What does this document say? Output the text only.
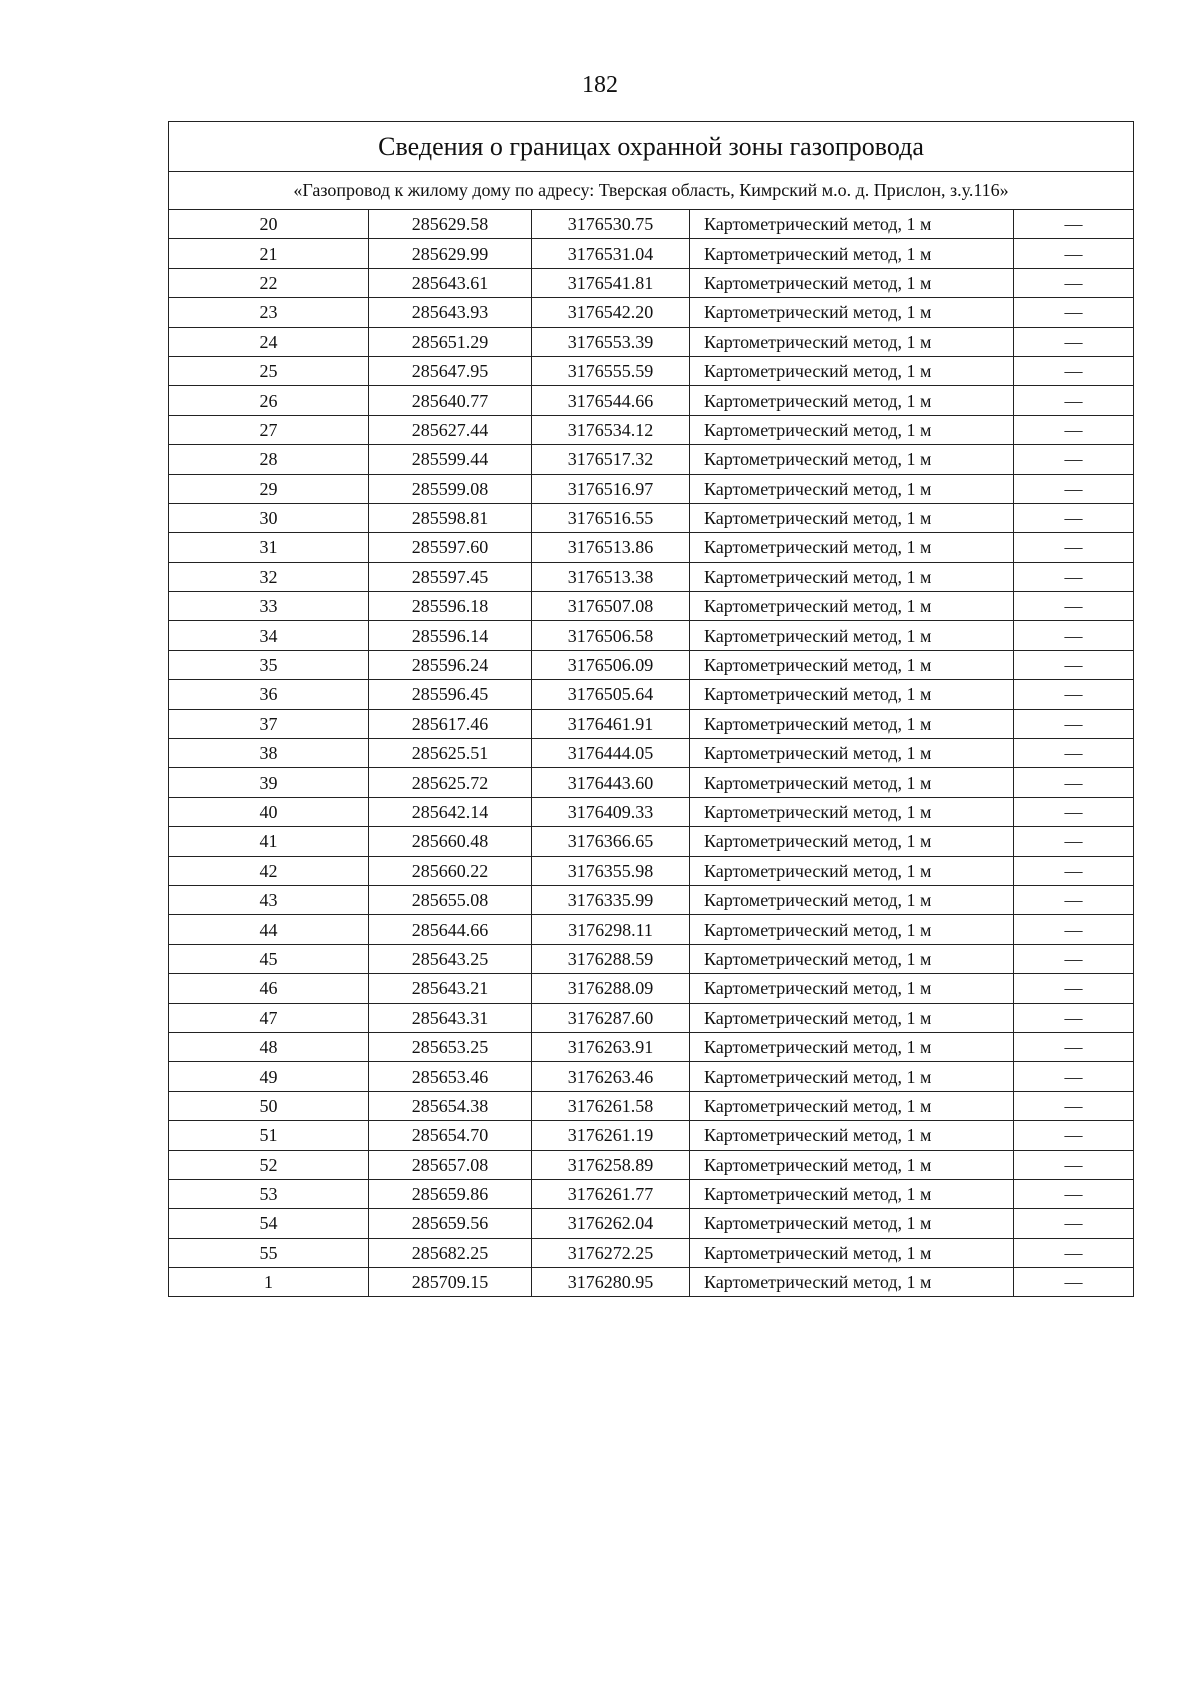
182
Сведения о границах охранной зоны газопровода				
«Газопровод к жилому дому по адресу: Тверская область, Кимрский м.о. д. Прислон, з.у.116»				
20	285629.58	3176530.75	Картометрический метод, 1 м	—
21	285629.99	3176531.04	Картометрический метод, 1 м	—
22	285643.61	3176541.81	Картометрический метод, 1 м	—
23	285643.93	3176542.20	Картометрический метод, 1 м	—
24	285651.29	3176553.39	Картометрический метод, 1 м	—
25	285647.95	3176555.59	Картометрический метод, 1 м	—
26	285640.77	3176544.66	Картометрический метод, 1 м	—
27	285627.44	3176534.12	Картометрический метод, 1 м	—
28	285599.44	3176517.32	Картометрический метод, 1 м	—
29	285599.08	3176516.97	Картометрический метод, 1 м	—
30	285598.81	3176516.55	Картометрический метод, 1 м	—
31	285597.60	3176513.86	Картометрический метод, 1 м	—
32	285597.45	3176513.38	Картометрический метод, 1 м	—
33	285596.18	3176507.08	Картометрический метод, 1 м	—
34	285596.14	3176506.58	Картометрический метод, 1 м	—
35	285596.24	3176506.09	Картометрический метод, 1 м	—
36	285596.45	3176505.64	Картометрический метод, 1 м	—
37	285617.46	3176461.91	Картометрический метод, 1 м	—
38	285625.51	3176444.05	Картометрический метод, 1 м	—
39	285625.72	3176443.60	Картометрический метод, 1 м	—
40	285642.14	3176409.33	Картометрический метод, 1 м	—
41	285660.48	3176366.65	Картометрический метод, 1 м	—
42	285660.22	3176355.98	Картометрический метод, 1 м	—
43	285655.08	3176335.99	Картометрический метод, 1 м	—
44	285644.66	3176298.11	Картометрический метод, 1 м	—
45	285643.25	3176288.59	Картометрический метод, 1 м	—
46	285643.21	3176288.09	Картометрический метод, 1 м	—
47	285643.31	3176287.60	Картометрический метод, 1 м	—
48	285653.25	3176263.91	Картометрический метод, 1 м	—
49	285653.46	3176263.46	Картометрический метод, 1 м	—
50	285654.38	3176261.58	Картометрический метод, 1 м	—
51	285654.70	3176261.19	Картометрический метод, 1 м	—
52	285657.08	3176258.89	Картометрический метод, 1 м	—
53	285659.86	3176261.77	Картометрический метод, 1 м	—
54	285659.56	3176262.04	Картометрический метод, 1 м	—
55	285682.25	3176272.25	Картометрический метод, 1 м	—
1	285709.15	3176280.95	Картометрический метод, 1 м	—
